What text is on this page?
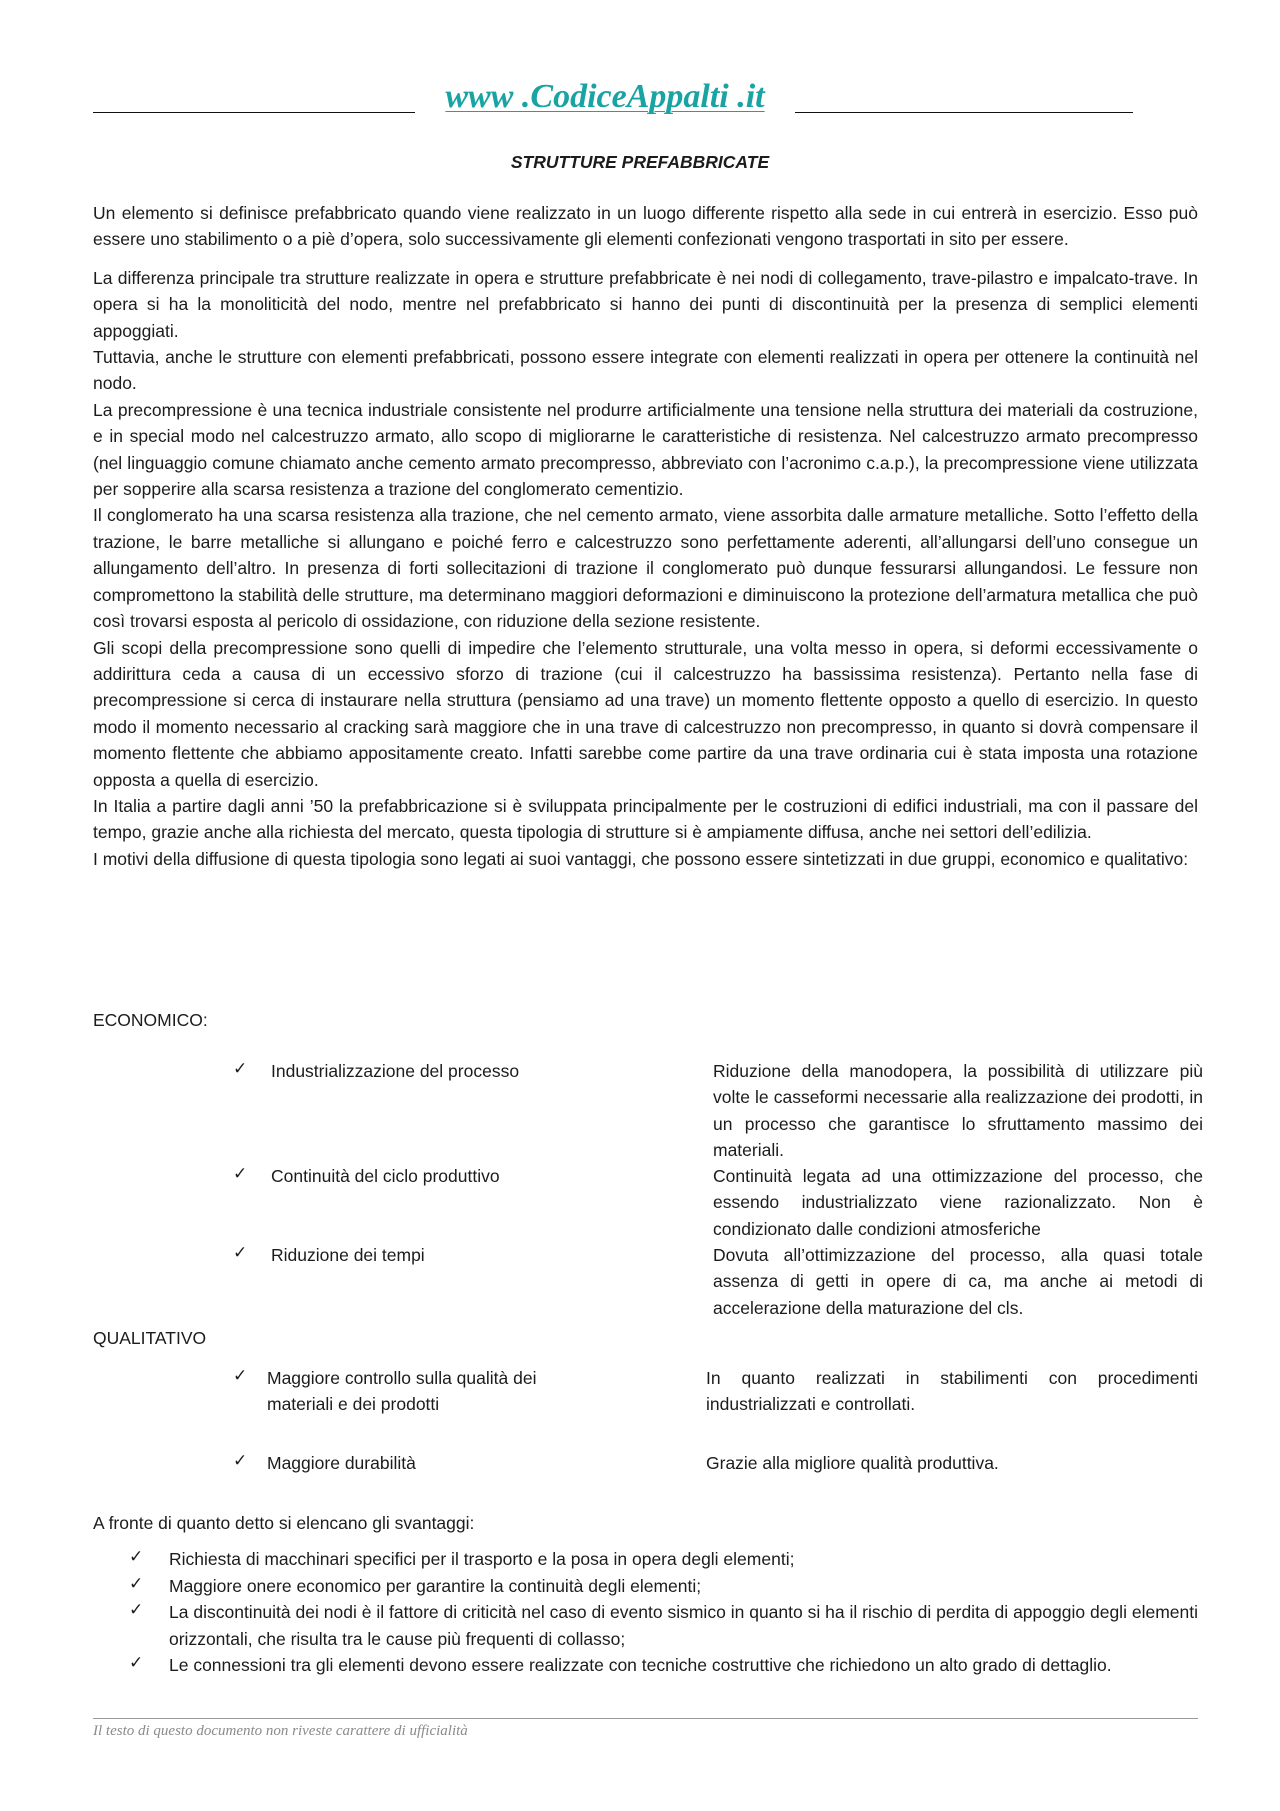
www .CodiceAppalti .it
STRUTTURE PREFABBRICATE

Un elemento si definisce prefabbricato quando viene realizzato in un luogo differente rispetto alla sede in cui entrerà in esercizio. Esso può essere uno stabilimento o a piè d’opera, solo successivamente gli elementi confezionati vengono trasportati in sito per essere.

La differenza principale tra strutture realizzate in opera e strutture prefabbricate è nei nodi di collegamento, trave-pilastro e impalcato-trave. In opera si ha la monoliticità del nodo, mentre nel prefabbricato si hanno dei punti di discontinuità per la presenza di semplici elementi appoggiati.

Tuttavia, anche le strutture con elementi prefabbricati, possono essere integrate con elementi realizzati in opera per ottenere la continuità nel nodo.

La precompressione è una tecnica industriale consistente nel produrre artificialmente una tensione nella struttura dei materiali da costruzione, e in special modo nel calcestruzzo armato, allo scopo di migliorarne le caratteristiche di resistenza. Nel calcestruzzo armato precompresso (nel linguaggio comune chiamato anche cemento armato precompresso, abbreviato con l’acronimo c.a.p.), la precompressione viene utilizzata per sopperire alla scarsa resistenza a trazione del conglomerato cementizio.

Il conglomerato ha una scarsa resistenza alla trazione, che nel cemento armato, viene assorbita dalle armature metalliche. Sotto l’effetto della trazione, le barre metalliche si allungano e poiché ferro e calcestruzzo sono perfettamente aderenti, all’allungarsi dell’uno consegue un allungamento dell’altro. In presenza di forti sollecitazioni di trazione il conglomerato può dunque fessurarsi allungandosi. Le fessure non compromettono la stabilità delle strutture, ma determinano maggiori deformazioni e diminuiscono la protezione dell’armatura metallica che può così trovarsi esposta al pericolo di ossidazione, con riduzione della sezione resistente.

Gli scopi della precompressione sono quelli di impedire che l’elemento strutturale, una volta messo in opera, si deformi eccessivamente o addirittura ceda a causa di un eccessivo sforzo di trazione (cui il calcestruzzo ha bassissima resistenza). Pertanto nella fase di precompressione si cerca di instaurare nella struttura (pensiamo ad una trave) un momento flettente opposto a quello di esercizio. In questo modo il momento necessario al cracking sarà maggiore che in una trave di calcestruzzo non precompresso, in quanto si dovrà compensare il momento flettente che abbiamo appositamente creato. Infatti sarebbe come partire da una trave ordinaria cui è stata imposta una rotazione opposta a quella di esercizio.

In Italia a partire dagli anni ’50 la prefabbricazione si è sviluppata principalmente per le costruzioni di edifici industriali, ma con il passare del tempo, grazie anche alla richiesta del mercato, questa tipologia di strutture si è ampiamente diffusa, anche nei settori dell’edilizia.

I motivi della diffusione di questa tipologia sono legati ai suoi vantaggi, che possono essere sintetizzati in due gruppi, economico e qualitativo:

ECONOMICO:
✓ Industrializzazione del processo	Riduzione della manodopera, la possibilità di utilizzare più volte le casseformi necessarie alla realizzazione dei prodotti, in un processo che garantisce lo sfruttamento massimo dei materiali.
✓ Continuità del ciclo produttivo	Continuità legata ad una ottimizzazione del processo, che essendo industrializzato viene razionalizzato. Non è condizionato dalle condizioni atmosferiche
✓ Riduzione dei tempi	Dovuta all’ottimizzazione del processo, alla quasi totale assenza di getti in opere di ca, ma anche ai metodi di accelerazione della maturazione del cls.
QUALITATIVO
✓ Maggiore controllo sulla qualità dei materiali e dei prodotti
In quanto realizzati in stabilimenti con procedimenti industrializzati e controllati.
✓ Maggiore durabilità	Grazie alla migliore qualità produttiva.

A fronte di quanto detto si elencano gli svantaggi:

✓ Richiesta di macchinari specifici per il trasporto e la posa in opera degli elementi;
✓ Maggiore onere economico per garantire la continuità degli elementi;
✓ La discontinuità dei nodi è il fattore di criticità nel caso di evento sismico in quanto si ha il rischio di perdita di appoggio degli elementi orizzontali, che risulta tra le cause più frequenti di collasso;
✓ Le connessioni tra gli elementi devono essere realizzate con tecniche costruttive che richiedono un alto grado di dettaglio.
Il testo di questo documento non riveste carattere di ufficialità
